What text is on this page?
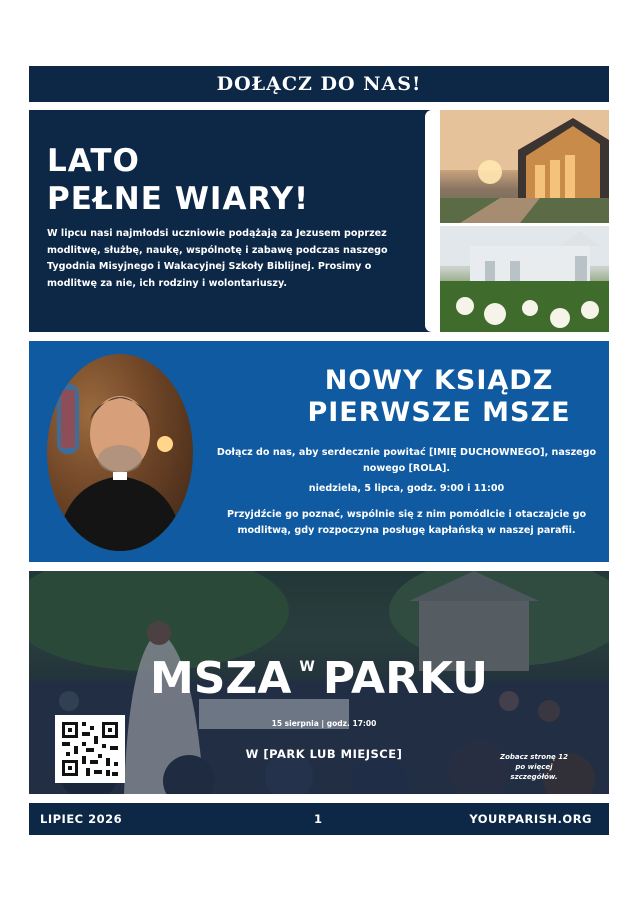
DOŁĄCZ DO NAS!
LATO
PEŁNE WIARY!
W lipcu nasi najmłodsi uczniowie podążają za Jezusem poprzez modlitwę, służbę, naukę, wspólnotę i zabawę podczas naszego Tygodnia Misyjnego i Wakacyjnej Szkoły Biblijnej. Prosimy o modlitwę za nie, ich rodziny i wolontariuszy.
NOWY KSIĄDZ
PIERWSZE MSZE
Dołącz do nas, aby serdecznie powitać [IMIĘ DUCHOWNEGO], naszego nowego [ROLA].
niedziela, 5 lipca, godz. 9:00 i 11:00
Przyjdźcie go poznać, wspólnie się z nim pomódlcie i otaczajcie go modlitwą, gdy rozpoczyna posługę kapłańską w naszej parafii.
MSZA $^W$ PARKU
15 sierpnia | godz. 17:00
W [PARK LUB MIEJSCE]	Zobacz stronę 12 po więcej szczegółów.
LIPIEC 2026	1	YOURPARISH.ORG
